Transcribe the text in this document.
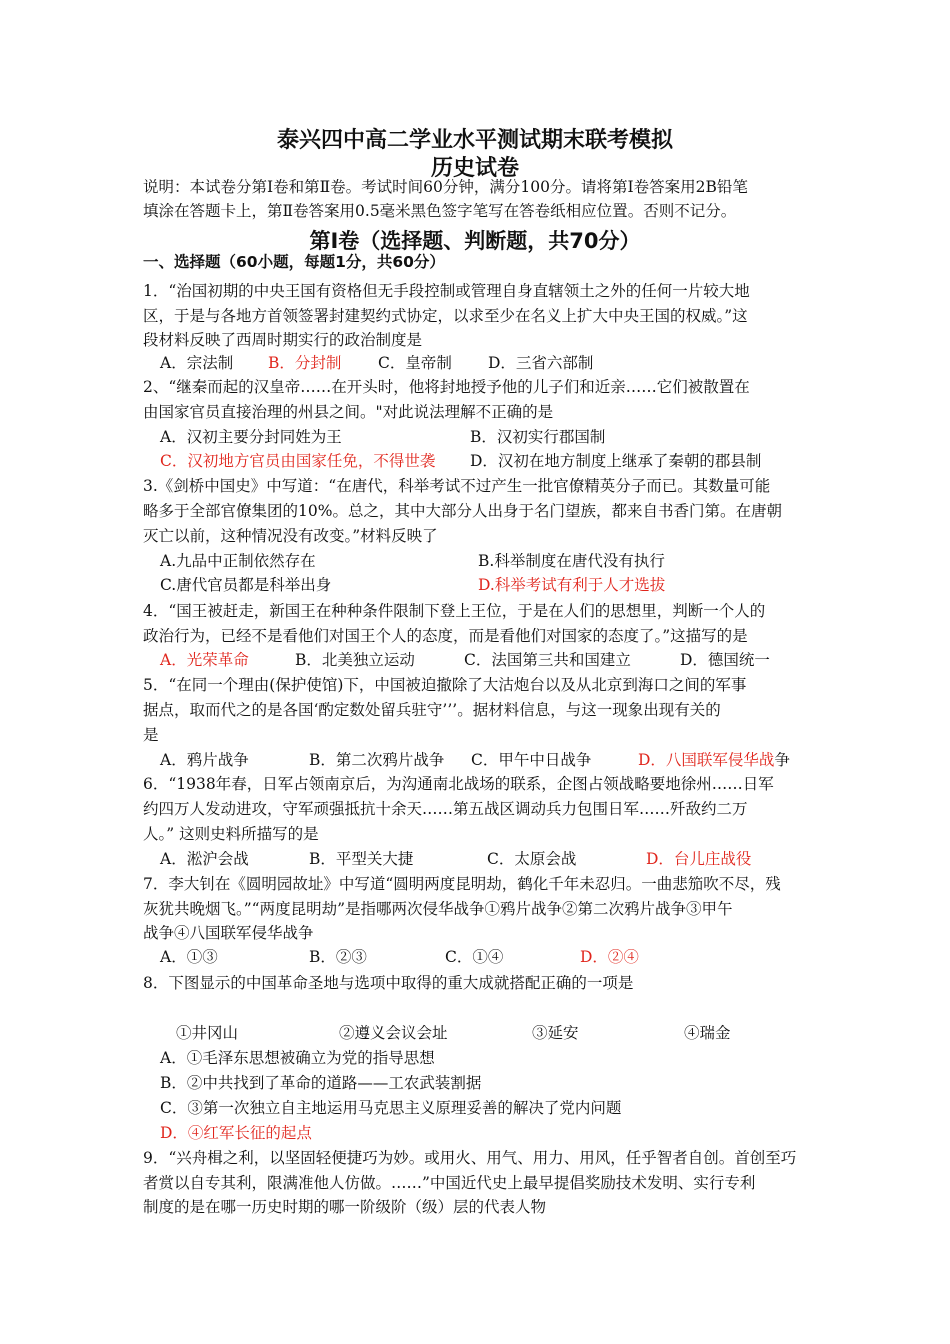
泰兴四中高二学业水平测试期末联考模拟
历史试卷
说明：本试卷分第Ⅰ卷和第Ⅱ卷。考试时间60分钟，满分100分。请将第Ⅰ卷答案用2B铅笔
填涂在答题卡上，第Ⅱ卷答案用0.5毫米黑色签字笔写在答卷纸相应位置。否则不记分。
第Ⅰ卷（选择题、判断题，共70分）
一、选择题（60小题，每题1分，共60分）
1．“治国初期的中央王国有资格但无手段控制或管理自身直辖领土之外的任何一片较大地
区，于是与各地方首领签署封建契约式协定，以求至少在名义上扩大中央王国的权威。”这
段材料反映了西周时期实行的政治制度是
A．宗法制 B．分封制 C．皇帝制 D．三省六部制
2、“继秦而起的汉皇帝……在开头时，他将封地授予他的儿子们和近亲……它们被散置在
由国家官员直接治理的州县之间。"对此说法理解不正确的是
A．汉初主要分封同姓为王	B．汉初实行郡国制
C．汉初地方官员由国家任免，不得世袭 D．汉初在地方制度上继承了秦朝的郡县制
3.《剑桥中国史》中写道：“在唐代，科举考试不过产生一批官僚精英分子而已。其数量可能
略多于全部官僚集团的10%。总之，其中大部分人出身于名门望族，都来自书香门第。在唐朝
灭亡以前，这种情况没有改变。”材料反映了
A.九品中正制依然存在	B.科举制度在唐代没有执行
C.唐代官员都是科举出身	D.科举考试有利于人才选拔
4．“国王被赶走，新国王在种种条件限制下登上王位，于是在人们的思想里，判断一个人的
政治行为，已经不是看他们对国王个人的态度，而是看他们对国家的态度了。”这描写的是
A．光荣革命	B．北美独立运动	C．法国第三共和国建立	D．德国统一
5．“在同一个理由(保护使馆)下，中国被迫撤除了大沽炮台以及从北京到海口之间的军事
据点，取而代之的是各国‘酌定数处留兵驻守’’’。据材料信息，与这一现象出现有关的
是
A．鸦片战争	B．第二次鸦片战争 C．甲午中日战争	D．八国联军侵华战争
6．“1938年春，日军占领南京后，为沟通南北战场的联系，企图占领战略要地徐州……日军
约四万人发动进攻，守军顽强抵抗十余天……第五战区调动兵力包围日军……歼敌约二万
人。” 这则史料所描写的是
A．淞沪会战	B．平型关大捷	C．太原会战	D．台儿庄战役
7．李大钊在《圆明园故址》中写道“圆明两度昆明劫，鹤化千年未忍归。一曲悲笳吹不尽，残
灰犹共晚烟飞。”“两度昆明劫”是指哪两次侵华战争①鸦片战争②第二次鸦片战争③甲午
战争④八国联军侵华战争
A．①③	B．②③	C．①④	D．②④
8．下图显示的中国革命圣地与选项中取得的重大成就搭配正确的一项是
①井冈山	②遵义会议会址	③延安	④瑞金
A．①毛泽东思想被确立为党的指导思想
B．②中共找到了革命的道路——工农武装割据
C．③第一次独立自主地运用马克思主义原理妥善的解决了党内问题
D．④红军长征的起点
9．“兴舟楫之利，以坚固轻便捷巧为妙。或用火、用气、用力、用风，任乎智者自创。首创至巧
者赏以自专其利，限满准他人仿做。……”中国近代史上最早提倡奖励技术发明、实行专利
制度的是在哪一历史时期的哪一阶级阶（级）层的代表人物
